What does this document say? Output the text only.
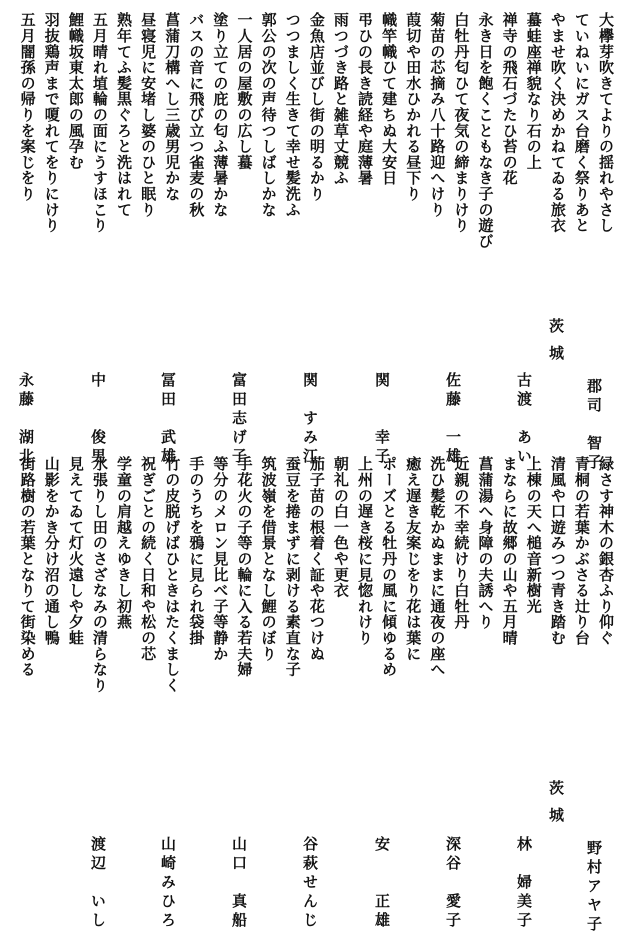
大欅芽吹きてよりの揺れやさし
ていねいにガス台磨く祭りあと
やませ吹く決めかねてゐる旅衣
蟇蛙座禅貌なり石の上
禅寺の飛石づたひ苔の花
永き日を飽くこともなき子の遊び
白牡丹匂ひて夜気の締まりけり
菊苗の芯摘み八十路迎へけり
葭切や田水ひかれる昼下り
幟竿幟ひて建ちぬ大安日
弔ひの長き読経や庭薄暑
雨つづき路と雑草丈競ふ
金魚店並びし街の明るかり
つつましく生きて幸せ髪洗ふ
郭公の次の声待つしばしかな
一人居の屋敷の広し蟇
塗り立ての庇の匂ふ薄暑かな
バスの音に飛び立つ雀麦の秋
菖蒲刀構へし三歳男児かな
昼寝児に安堵し婆のひと眠り
熟年てふ髪黒ぐろと洗はれて
五月晴れ埴輪の面にうすほこり
鯉幟坂東太郎の風孕む
羽抜鶏声まで嗄れてをりにけり
五月闇孫の帰りを案じをり
緑さす神木の銀杏ふり仰ぐ
青桐の若葉かぶさる辻り台
清風や口遊みつつ青き踏む
上棟の天へ槌音新樹光
まならに故郷の山や五月晴
菖蒲湯へ身障の夫誘へり
近親の不幸続けり白牡丹
洗ひ髪乾かぬままに通夜の座へ
癒え遅き友案じをり花は葉に
ポーズとる牡丹の風に傾ゆるめ
上州の遅き桜に見惚れけり
朝礼の白一色や更衣
茄子苗の根着く証や花つけぬ
蚕豆を捲まずに剥ける素直な子
筑波嶺を借景となし鯉のぼり
手花火の子等の輪に入る若夫婦
等分のメロン見比べ子等静か
手のうちを鴉に見られ袋掛
竹の皮脱げばひときはたくましく
祝ぎごとの続く日和や松の芯
学童の肩越えゆきし初燕
水張りし田のさざなみの清らなり
見えてゐて灯火遠しや夕蛙
山影をかき分け沼の通し鴨
街路樹の若葉となりて街染める
茨城
郡司　智子
古渡　あい
佐藤　一雄
関　　幸子
関　すみ江
富田志げ子
冨田　武雄
中　　俊男
永藤　湖北
茨城
野村アヤ子
林　婦美子
深谷　愛子
安　　正雄
谷萩せんじ
山口　真船
山崎みひろ
渡辺　いし
